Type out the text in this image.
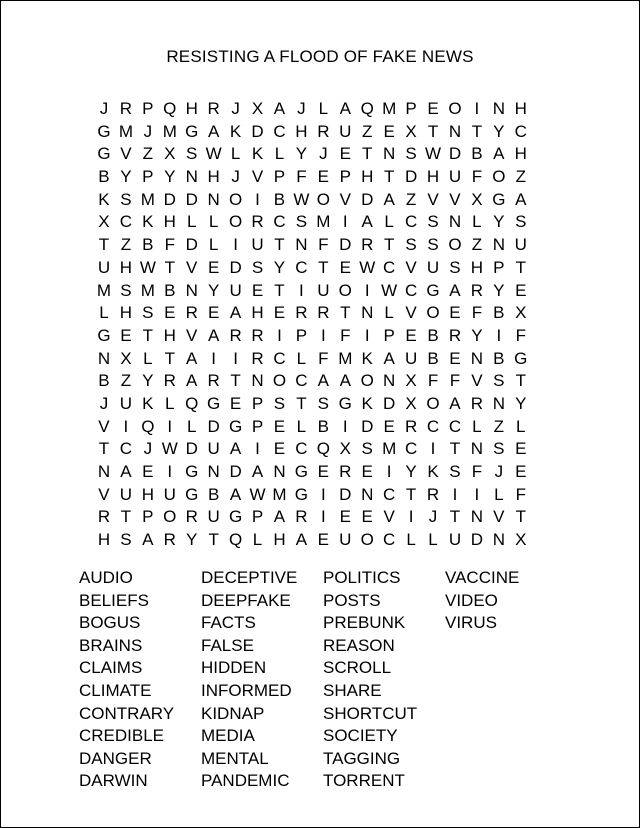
RESISTING A FLOOD OF FAKE NEWS
J R P Q H R J X A J L A Q M P E O I N H
G M J M G A K D C H R U Z E X T N T Y C
G V Z X S W L K L Y J E T N S W D B A H
B Y P Y N H J V P F E P H T D H U F O Z
K S M D D N O I B W O V D A Z V V X G A
X C K H L L O R C S M I A L C S N L Y S
T Z B F D L I U T N F D R T S S O Z N U
U H W T V E D S Y C T E W C V U S H P T
M S M B N Y U E T I U O I W C G A R Y E
L H S E R E A H E R R T N L V O E F B X
G E T H V A R R I P I F I P E B R Y I F
N X L T A I	I R C L F M K A U B E N B G
B Z Y R A R T N O C A A O N X F F V S T
J U K L Q G E P S T S G K D X O A R N Y
V I Q I L D G P E L B I D E R C C L Z L
T C J W D U A I E C Q X S M C I T N S E
N A E I G N D A N G E R E I Y K S F J E
V U H U G B A W M G I D N C T R I	I L F
R T P O R U G P A R I E E V I J T N V T
H S A R Y T Q L H A E U O C L L U D N X
AUDIO
BELIEFS
BOGUS
BRAINS
CLAIMS
CLIMATE
CONTRARY
CREDIBLE
DANGER
DARWIN
DECEPTIVE
DEEPFAKE
FACTS
FALSE
HIDDEN
INFORMED
KIDNAP
MEDIA
MENTAL
PANDEMIC
POLITICS
POSTS
PREBUNK
REASON
SCROLL
SHARE
SHORTCUT
SOCIETY
TAGGING
TORRENT
VACCINE
VIDEO
VIRUS
